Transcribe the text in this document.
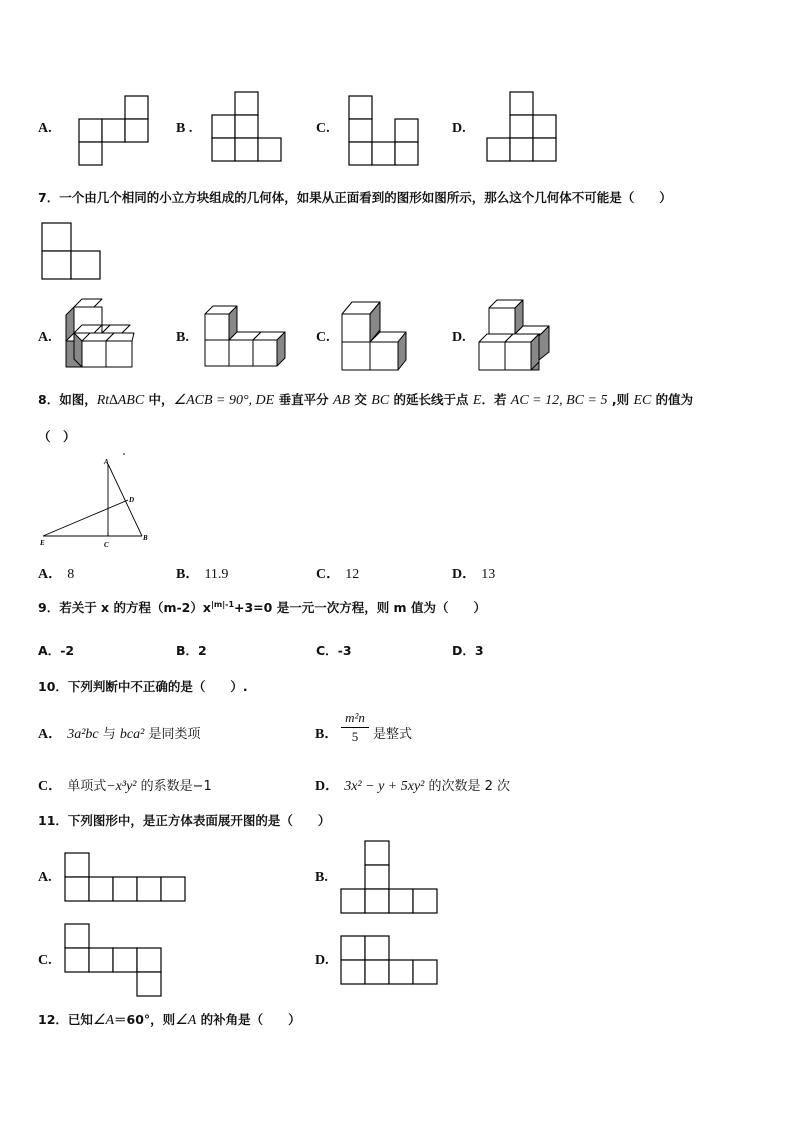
A.	B .	C.	D.
7．一个由几个相同的小立方块组成的几何体，如果从正面看到的图形如图所示，那么这个几何体不可能是（　　）
A.	B.	C.	D.
8．如图，Rt∆ABC 中，∠ACB = 90°, DE 垂直平分 AB 交 BC 的延长线于点 E．若 AC = 12, BC = 5 ,则 EC 的值为
（　）
A
D
E	C
B
A． 8	B． 11.9	C． 12	D． 13
9．若关于 x 的方程$(m-2)x^{|m|-1}+3=0$ 是一元一次方程，则 m 值为（　　）
A．-2	B．2	C．-3	D．3
10．下列判断中不正确的是（　　）.
A． 3a²bc 与 bca² 是同类项	B．
m²n
5	是整式
C． 单项式−x³y² 的系数是−1	D． 3x² − y + 5xy² 的次数是 2 次
11．下列图形中，是正方体表面展开图的是（　　）
A.	B.
C.	D.
12．已知∠A＝60°，则∠A 的补角是（　　）
